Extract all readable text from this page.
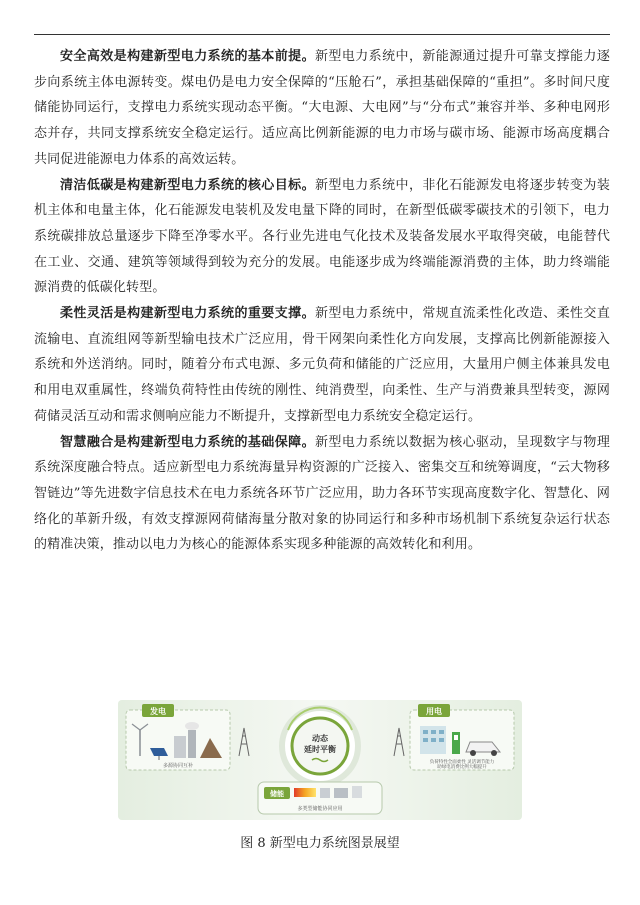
安全高效是构建新型电力系统的基本前提。新型电力系统中，新能源通过提升可靠支撑能力逐步向系统主体电源转变。煤电仍是电力安全保障的“压舱石”，承担基础保障的“重担”。多时间尺度储能协同运行，支撑电力系统实现动态平衡。“大电源、大电网”与“分布式”兼容并举、多种电网形态并存，共同支撑系统安全稳定运行。适应高比例新能源的电力市场与碳市场、能源市场高度耦合共同促进能源电力体系的高效运转。

清洁低碳是构建新型电力系统的核心目标。新型电力系统中，非化石能源发电将逐步转变为装机主体和电量主体，化石能源发电装机及发电量下降的同时，在新型低碳零碳技术的引领下，电力系统碳排放总量逐步下降至净零水平。各行业先进电气化技术及装备发展水平取得突破，电能替代在工业、交通、建筑等领域得到较为充分的发展。电能逐步成为终端能源消费的主体，助力终端能源消费的低碳化转型。

柔性灵活是构建新型电力系统的重要支撑。新型电力系统中，常规直流柔性化改造、柔性交直流输电、直流组网等新型输电技术广泛应用，骨干网架向柔性化方向发展，支撑高比例新能源接入系统和外送消纳。同时，随着分布式电源、多元负荷和储能的广泛应用，大量用户侧主体兼具发电和用电双重属性，终端负荷特性由传统的刚性、纯消费型，向柔性、生产与消费兼具型转变，源网荷储灵活互动和需求侧响应能力不断提升，支撑新型电力系统安全稳定运行。

智慧融合是构建新型电力系统的基础保障。新型电力系统以数据为核心驱动，呈现数字与物理系统深度融合特点。适应新型电力系统海量异构资源的广泛接入、密集交互和统筹调度，“云大物移智链边”等先进数字信息技术在电力系统各环节广泛应用，助力各环节实现高度数字化、智慧化、网络化的革新升级，有效支撑源网荷储海量分散对象的协同运行和多种市场机制下系统复杂运行状态的精准决策，推动以电力为核心的能源体系实现多种能源的高效转化和利用。

发电
多源协同互补
动态
延时平衡
用电
负荷特性全面柔性 灵活调节能力
助绿电消费比例大幅提升
储能
多类型储能协同应用
图 8 新型电力系统图景展望
